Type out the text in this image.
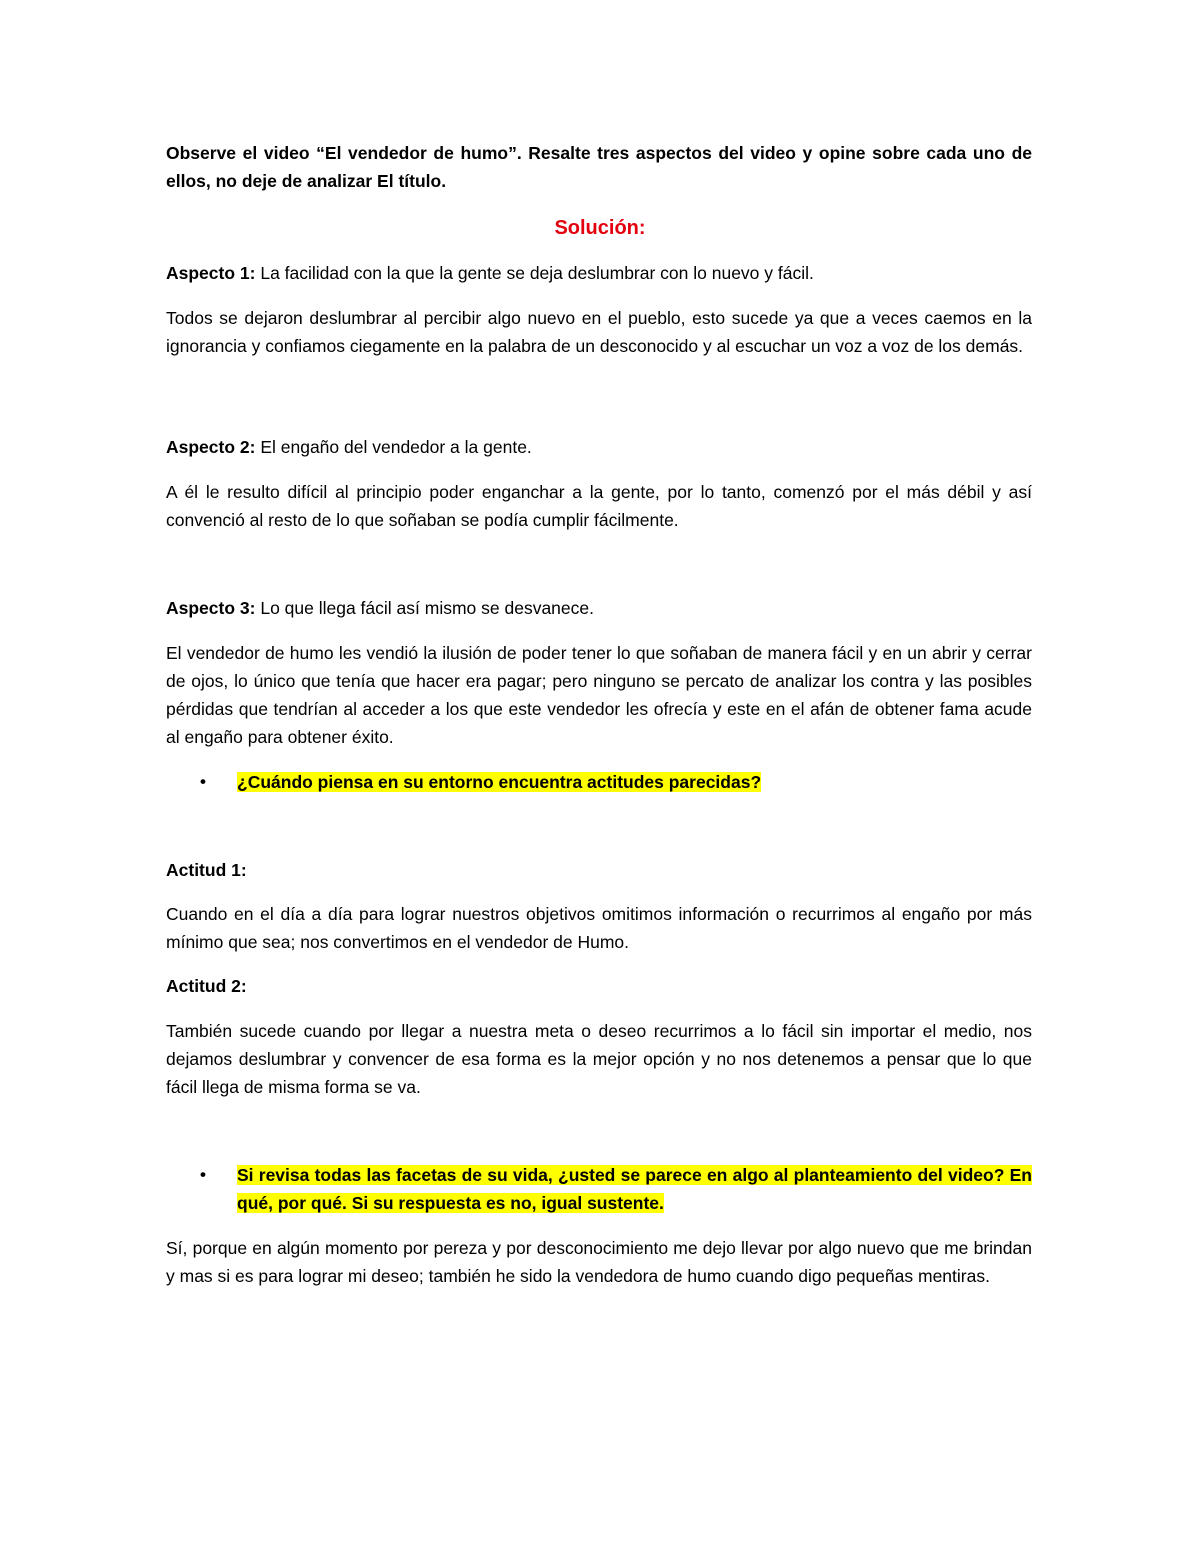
Observe el video “El vendedor de humo”. Resalte tres aspectos del video y opine sobre cada uno de ellos, no deje de analizar El título.
Solución:
Aspecto 1: La facilidad con la que la gente se deja deslumbrar con lo nuevo y fácil.
Todos se dejaron deslumbrar al percibir algo nuevo en el pueblo, esto sucede ya que a veces caemos en la ignorancia y confiamos ciegamente en la palabra de un desconocido y al escuchar un voz a voz de los demás.
Aspecto 2: El engaño del vendedor a la gente.
A él le resulto difícil al principio poder enganchar a la gente, por lo tanto, comenzó por el más débil y así convenció al resto de lo que soñaban se podía cumplir fácilmente.
Aspecto 3: Lo que llega fácil así mismo se desvanece.
El vendedor de humo les vendió la ilusión de poder tener lo que soñaban de manera fácil y en un abrir y cerrar de ojos, lo único que tenía que hacer era pagar; pero ninguno se percato de analizar los contra y las posibles pérdidas que tendrían al acceder a los que este vendedor les ofrecía y este en el afán de obtener fama acude al engaño para obtener éxito.
•	¿Cuándo piensa en su entorno encuentra actitudes parecidas?
Actitud 1:
Cuando en el día a día para lograr nuestros objetivos omitimos información o recurrimos al engaño por más mínimo que sea; nos convertimos en el vendedor de Humo.
Actitud 2:
También sucede cuando por llegar a nuestra meta o deseo recurrimos a lo fácil sin importar el medio, nos dejamos deslumbrar y convencer de esa forma es la mejor opción y no nos detenemos a pensar que lo que fácil llega de misma forma se va.
•	Si revisa todas las facetas de su vida, ¿usted se parece en algo al planteamiento del video? En qué, por qué. Si su respuesta es no, igual sustente.
Sí, porque en algún momento por pereza y por desconocimiento me dejo llevar por algo nuevo que me brindan y mas si es para lograr mi deseo; también he sido la vendedora de humo cuando digo pequeñas mentiras.
